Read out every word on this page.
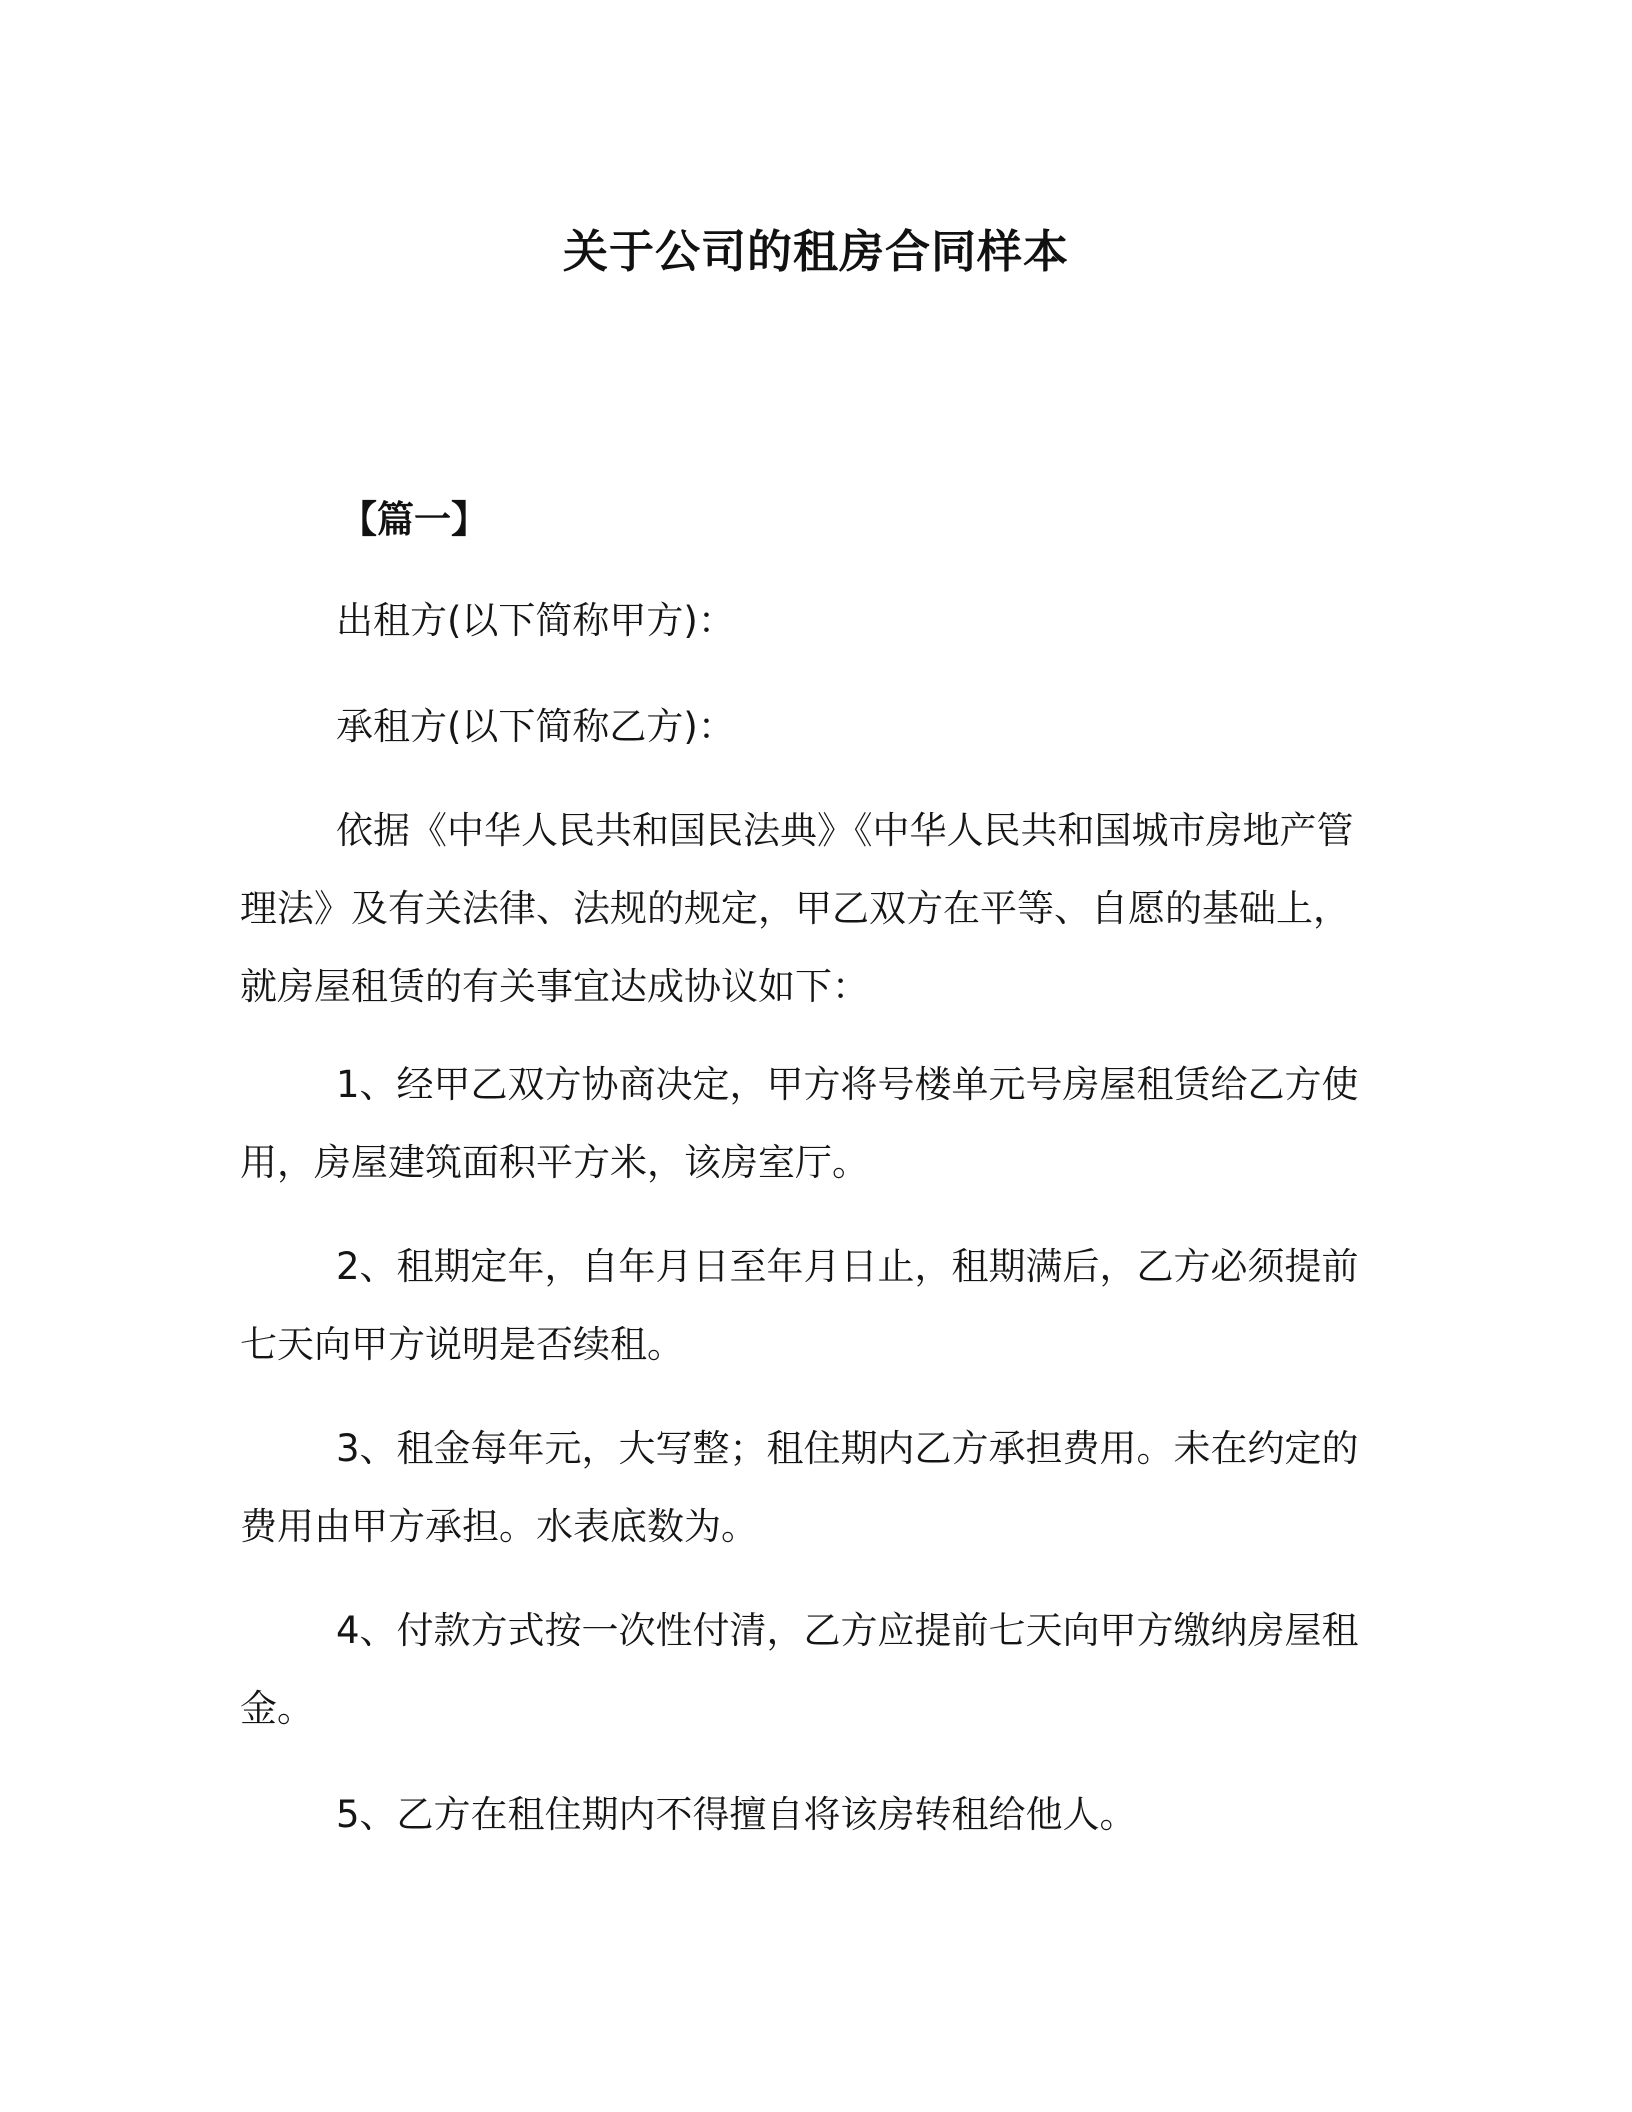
关于公司的租房合同样本
【篇一】

出租方(以下简称甲方)：

承租方(以下简称乙方)：

依据《中华人民共和国民法典》《中华人民共和国城市房地产管理法》及有关法律、法规的规定，甲乙双方在平等、自愿的基础上，就房屋租赁的有关事宜达成协议如下：

1、经甲乙双方协商决定，甲方将号楼单元号房屋租赁给乙方使用，房屋建筑面积平方米，该房室厅。

2、租期定年，自年月日至年月日止，租期满后，乙方必须提前七天向甲方说明是否续租。

3、租金每年元，大写整；租住期内乙方承担费用。未在约定的费用由甲方承担。水表底数为。

4、付款方式按一次性付清，乙方应提前七天向甲方缴纳房屋租金。

5、乙方在租住期内不得擅自将该房转租给他人。
